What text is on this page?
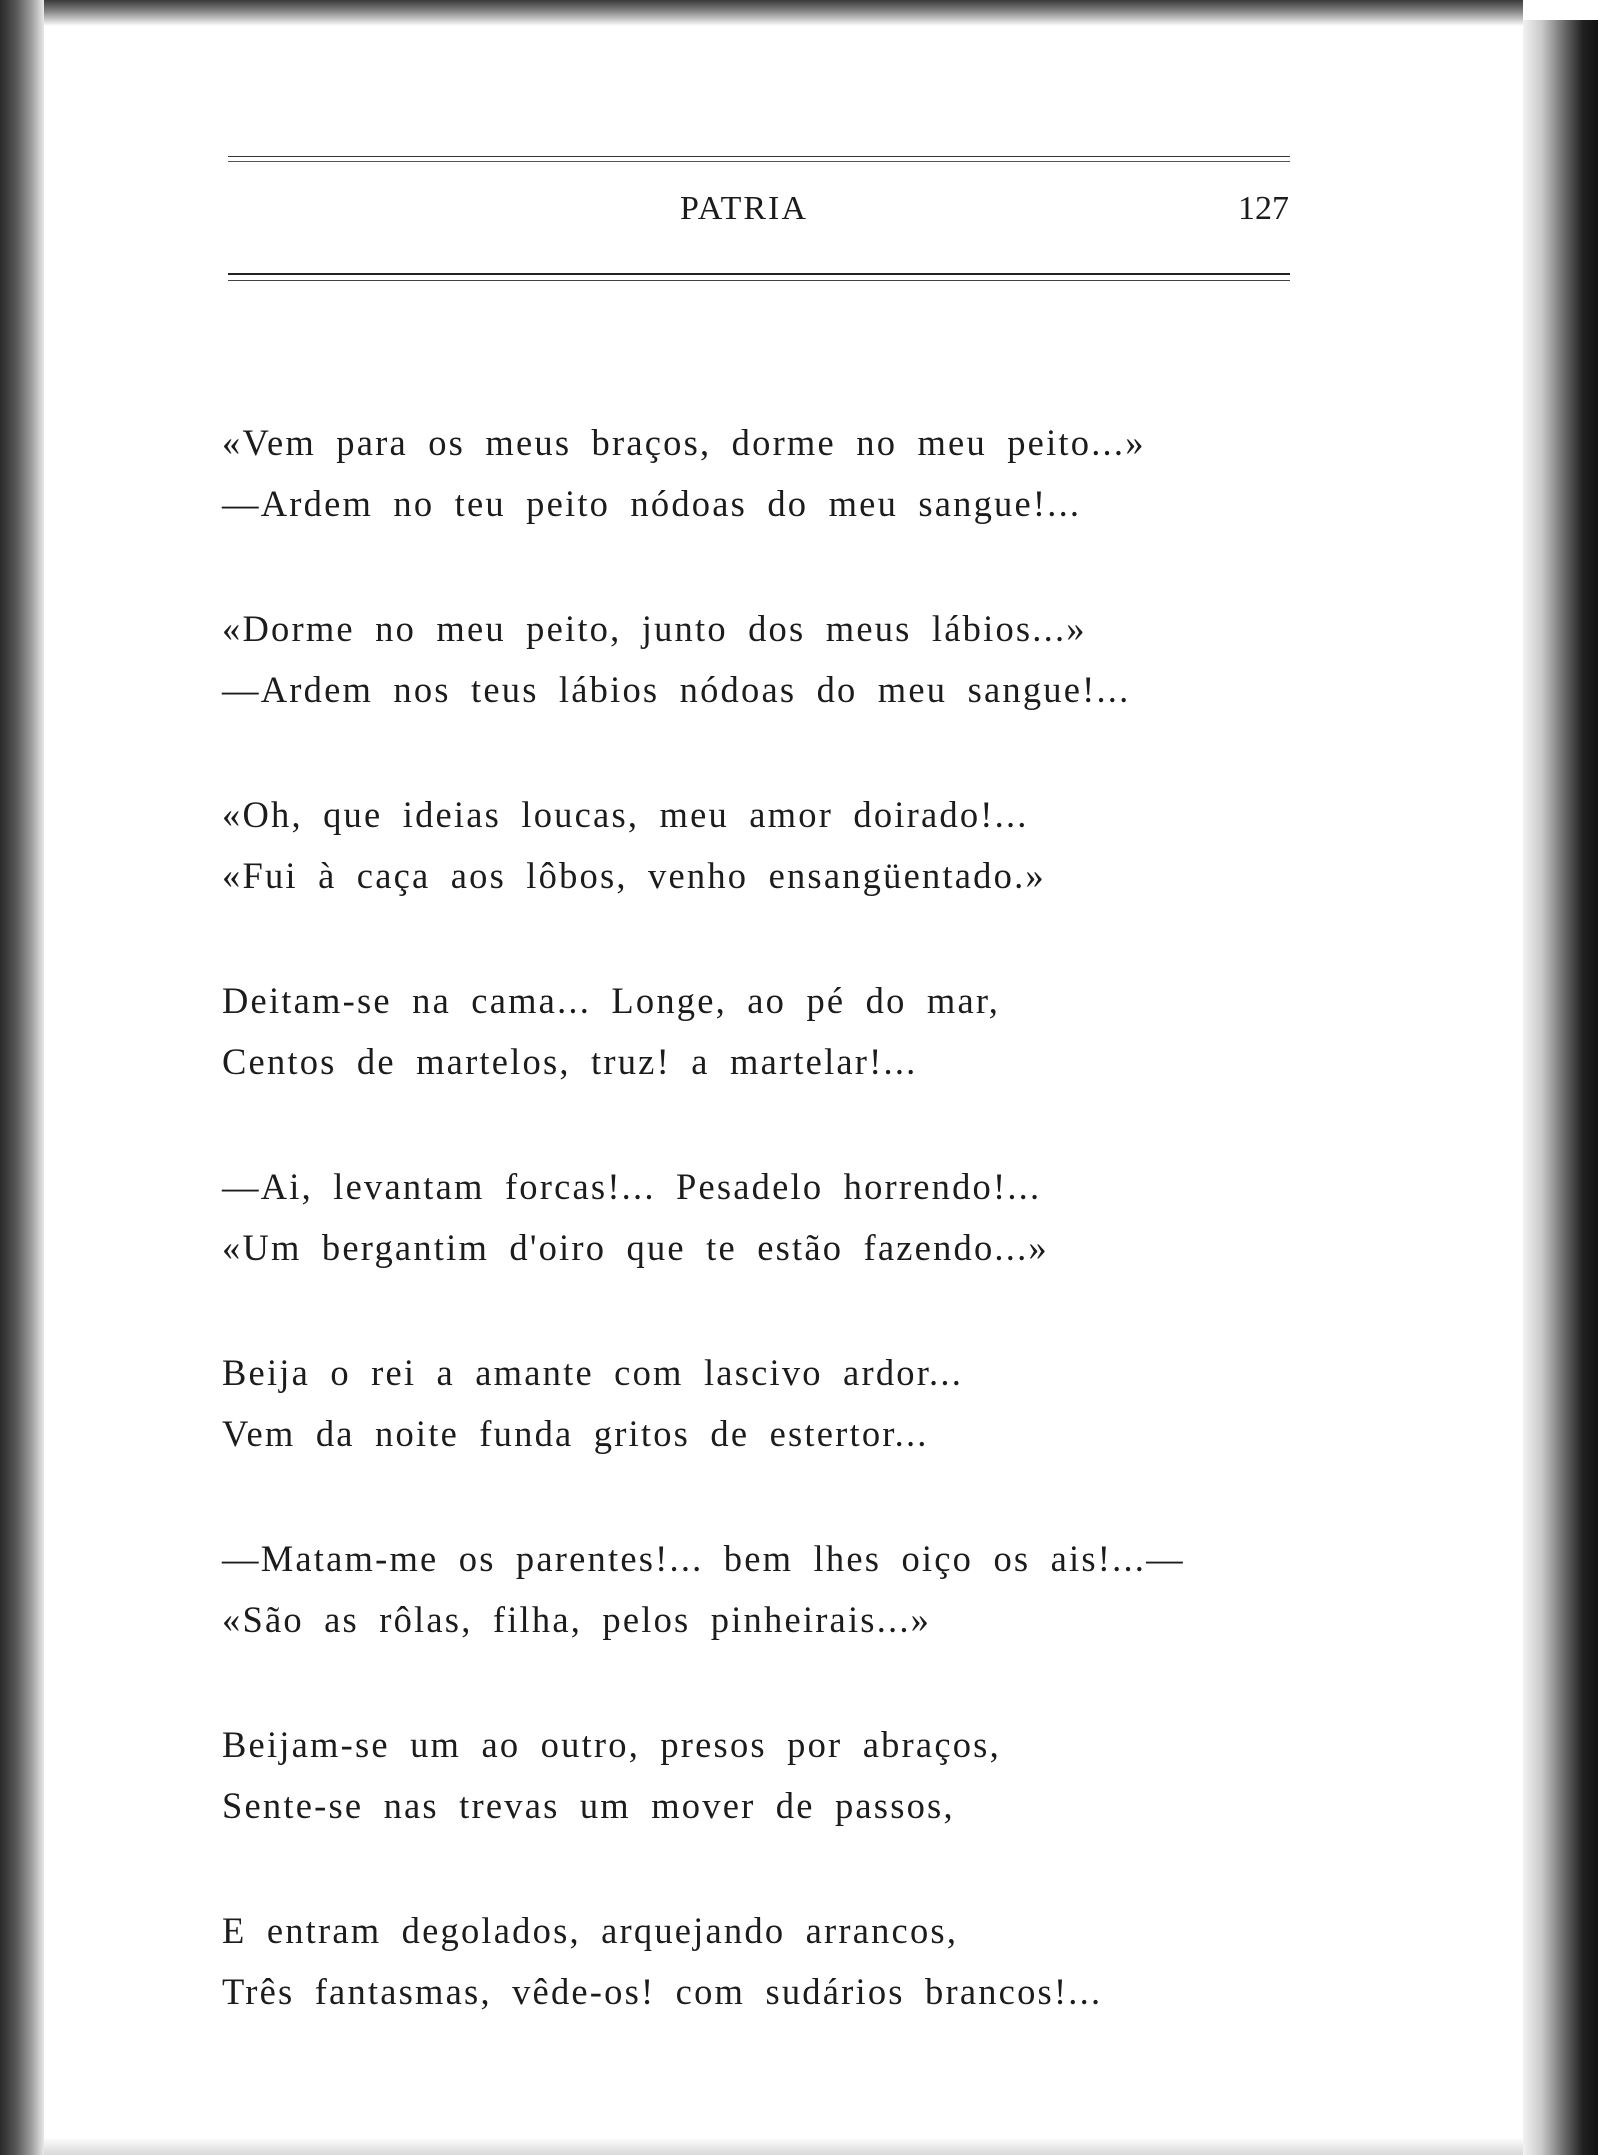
PATRIA	127
«Vem para os meus braços, dorme no meu peito...»
—Ardem no teu peito nódoas do meu sangue!...
«Dorme no meu peito, junto dos meus lábios...»
—Ardem nos teus lábios nódoas do meu sangue!...
«Oh, que ideias loucas, meu amor doirado!...
«Fui à caça aos lôbos, venho ensangüentado.»
Deitam-se na cama... Longe, ao pé do mar,
Centos de martelos, truz! a martelar!...
—Ai, levantam forcas!... Pesadelo horrendo!...
«Um bergantim d'oiro que te estão fazendo...»
Beija o rei a amante com lascivo ardor...
Vem da noite funda gritos de estertor...
—Matam-me os parentes!... bem lhes oiço os ais!...—
«São as rôlas, filha, pelos pinheirais...»
Beijam-se um ao outro, presos por abraços,
Sente-se nas trevas um mover de passos,
E entram degolados, arquejando arrancos,
Três fantasmas, vêde-os! com sudários brancos!...
